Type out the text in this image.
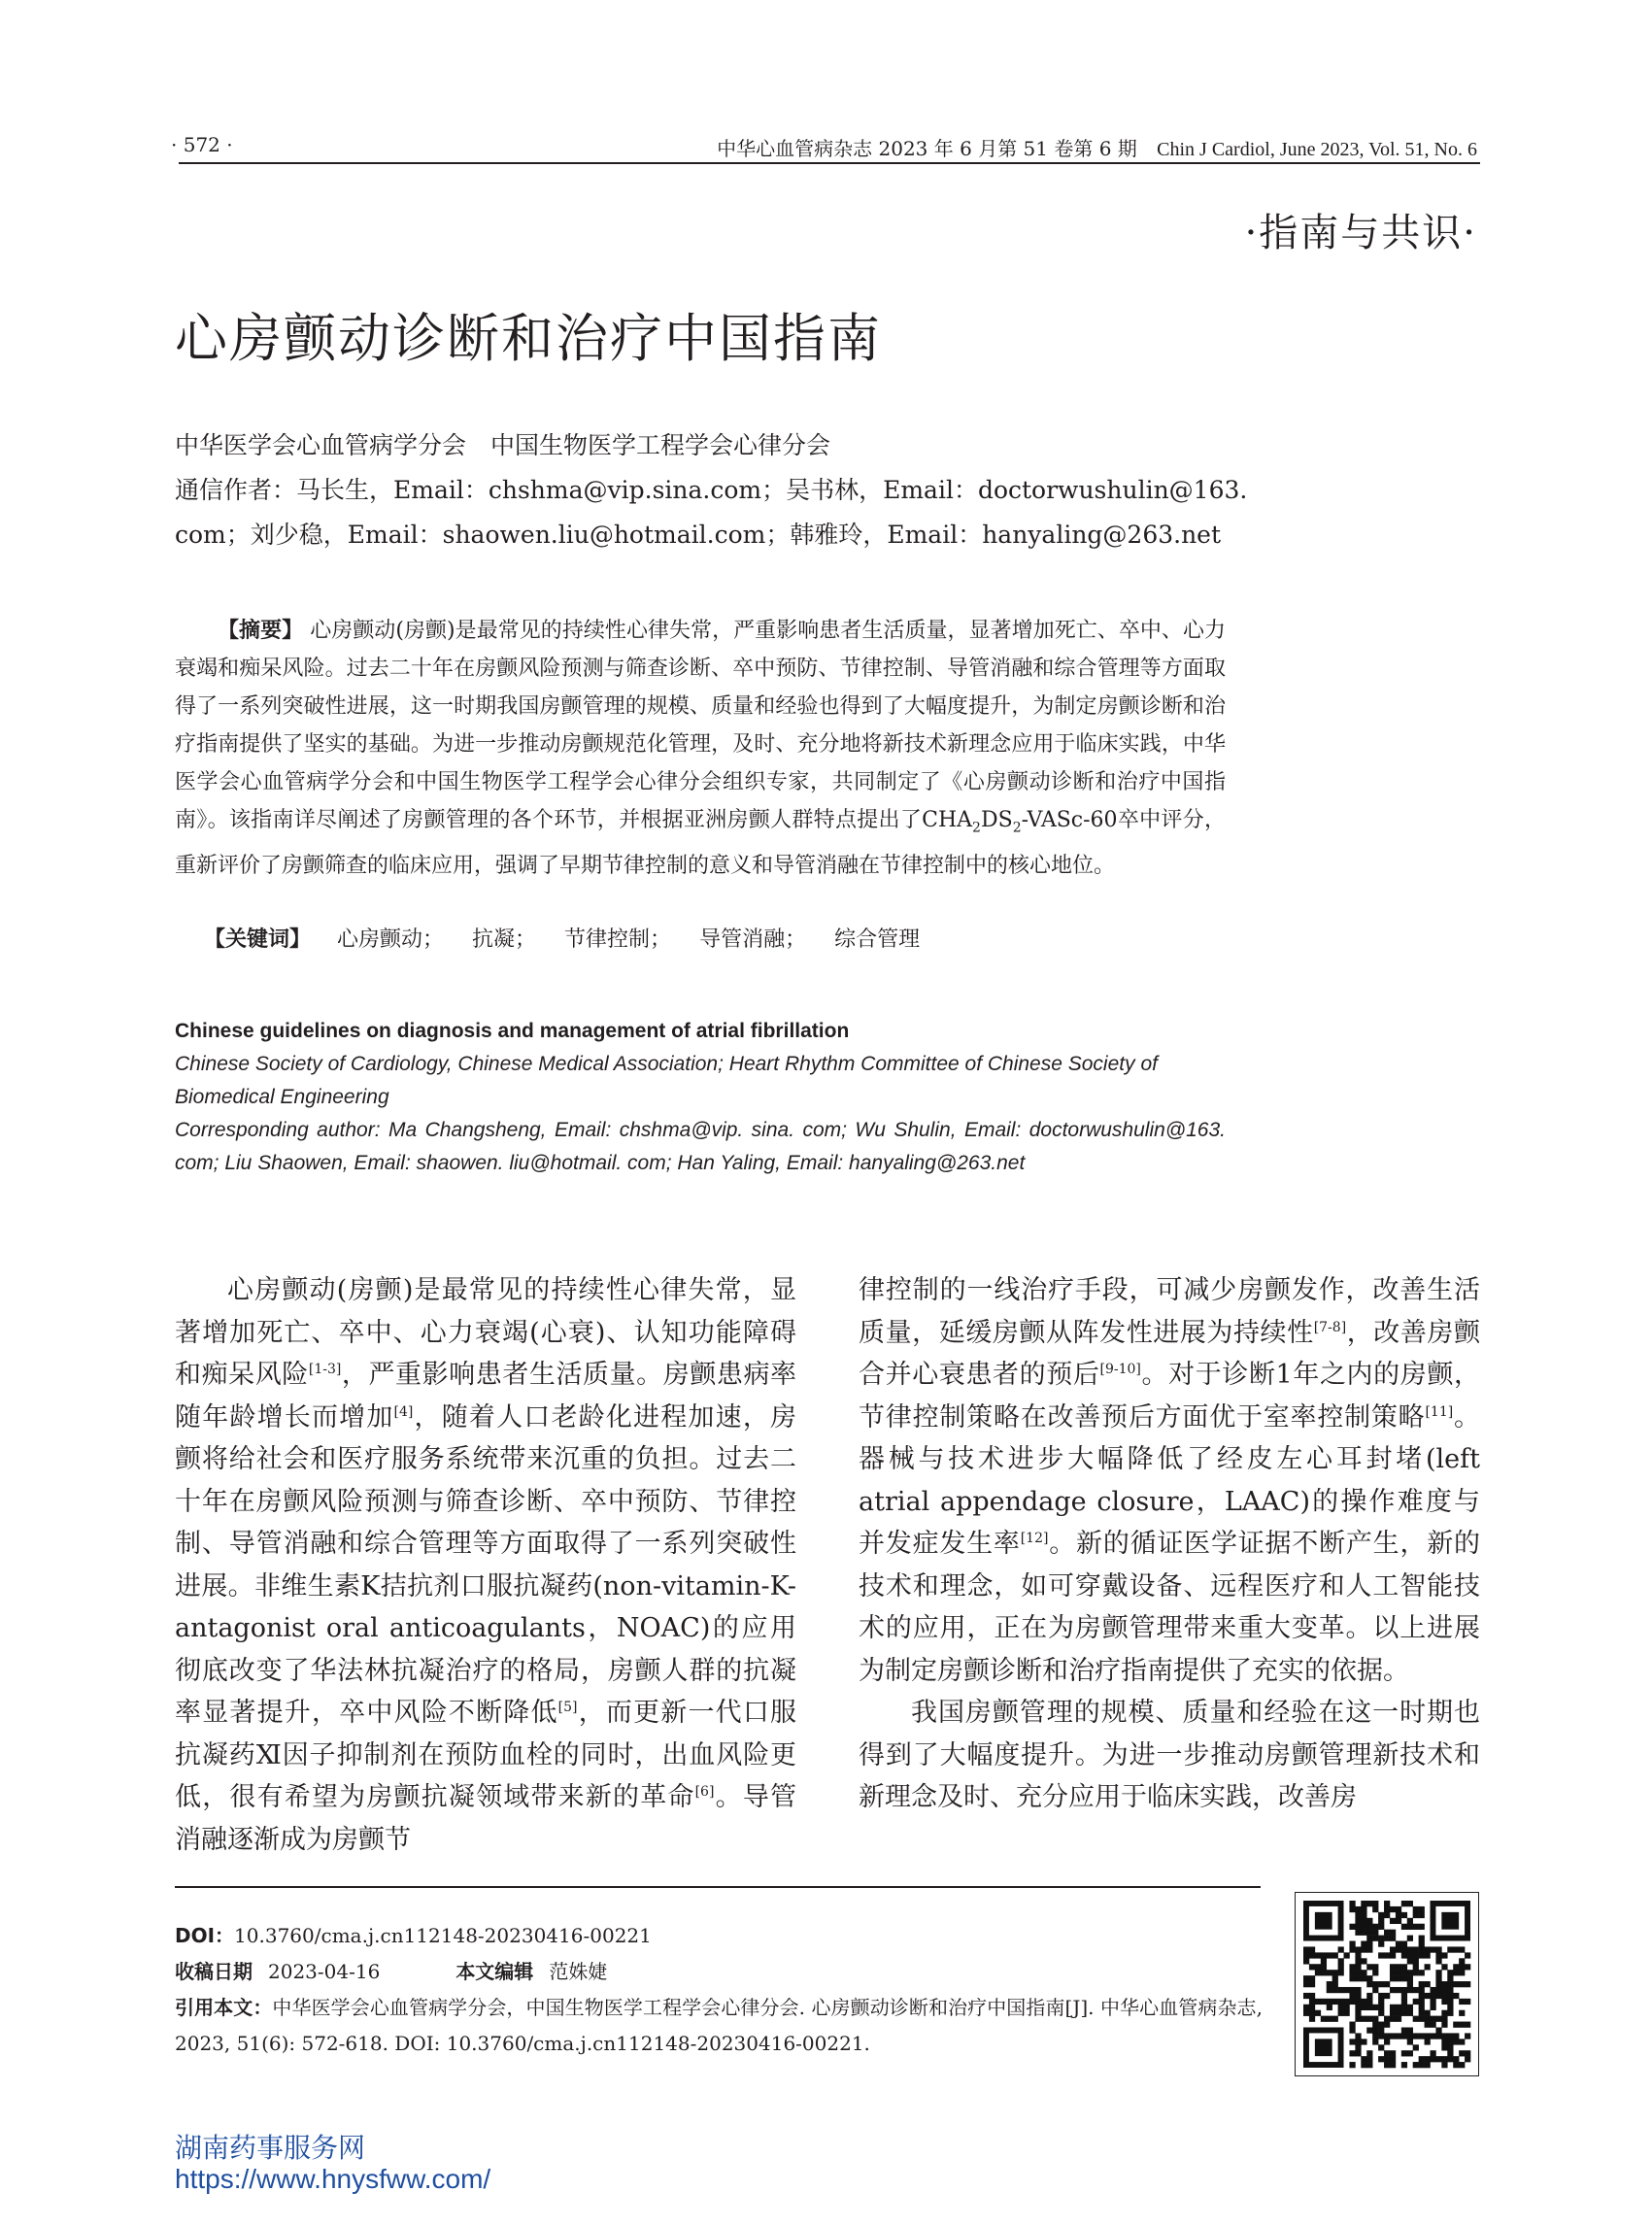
· 572 ·	中华心血管病杂志 2023 年 6 月第 51 卷第 6 期 Chin J Cardiol, June 2023, Vol. 51, No. 6
·指南与共识·
心房颤动诊断和治疗中国指南
中华医学会心血管病学分会　中国生物医学工程学会心律分会
通信作者：马长生，Email：chshma@vip.sina.com；吴书林，Email：doctorwushulin@163.
com；刘少稳，Email：shaowen.liu@hotmail.com；韩雅玲，Email：hanyaling@263.net
【摘要】 心房颤动(房颤)是最常见的持续性心律失常，严重影响患者生活质量，显著增加死亡、卒中、心力衰竭和痴呆风险。过去二十年在房颤风险预测与筛查诊断、卒中预防、节律控制、导管消融和综合管理等方面取得了一系列突破性进展，这一时期我国房颤管理的规模、质量和经验也得到了大幅度提升，为制定房颤诊断和治疗指南提供了坚实的基础。为进一步推动房颤规范化管理，及时、充分地将新技术新理念应用于临床实践，中华医学会心血管病学分会和中国生物医学工程学会心律分会组织专家，共同制定了《心房颤动诊断和治疗中国指南》。该指南详尽阐述了房颤管理的各个环节，并根据亚洲房颤人群特点提出了$CHA_2DS_2-VASc-60$卒中评分，重新评价了房颤筛查的临床应用，强调了早期节律控制的意义和导管消融在节律控制中的核心地位。
【关键词】 心房颤动； 抗凝； 节律控制； 导管消融； 综合管理
Chinese guidelines on diagnosis and management of atrial fibrillation
Chinese Society of Cardiology, Chinese Medical Association; Heart Rhythm Committee of Chinese Society of Biomedical Engineering
Corresponding author: Ma Changsheng, Email: chshma@vip. sina. com; Wu Shulin, Email: doctorwushulin@163. com; Liu Shaowen, Email: shaowen. liu@hotmail. com; Han Yaling, Email: hanyaling@263.net

心房颤动(房颤)是最常见的持续性心律失常，显著增加死亡、卒中、心力衰竭(心衰)、认知功能障碍和痴呆风险[1-3]，严重影响患者生活质量。房颤患病率随年龄增长而增加[4]，随着人口老龄化进程加速，房颤将给社会和医疗服务系统带来沉重的负担。过去二十年在房颤风险预测与筛查诊断、卒中预防、节律控制、导管消融和综合管理等方面取得了一系列突破性进展。非维生素K拮抗剂口服抗凝药(non-vitamin-K-antagonist oral anticoagulants，NOAC)的应用彻底改变了华法林抗凝治疗的格局，房颤人群的抗凝率显著提升，卒中风险不断降低[5]，而更新一代口服抗凝药Ⅺ因子抑制剂在预防血栓的同时，出血风险更低，很有希望为房颤抗凝领域带来新的革命[6]。导管消融逐渐成为房颤节

律控制的一线治疗手段，可减少房颤发作，改善生活质量，延缓房颤从阵发性进展为持续性[7-8]，改善房颤合并心衰患者的预后[9-10]。对于诊断1年之内的房颤，节律控制策略在改善预后方面优于室率控制策略[11]。器械与技术进步大幅降低了经皮左心耳封堵(left atrial appendage closure，LAAC)的操作难度与并发症发生率[12]。新的循证医学证据不断产生，新的技术和理念，如可穿戴设备、远程医疗和人工智能技术的应用，正在为房颤管理带来重大变革。以上进展为制定房颤诊断和治疗指南提供了充实的依据。

我国房颤管理的规模、质量和经验在这一时期也得到了大幅度提升。为进一步推动房颤管理新技术和新理念及时、充分应用于临床实践，改善房

DOI：10.3760/cma.j.cn112148-20230416-00221
收稿日期 2023-04-16	本文编辑 范姝婕
引用本文：中华医学会心血管病学分会，中国生物医学工程学会心律分会. 心房颤动诊断和治疗中国指南[J]. 中华心血管病杂志, 2023, 51(6): 572-618. DOI: 10.3760/cma.j.cn112148-20230416-00221.
湖南药事服务网
https://www.hnysfww.com/
